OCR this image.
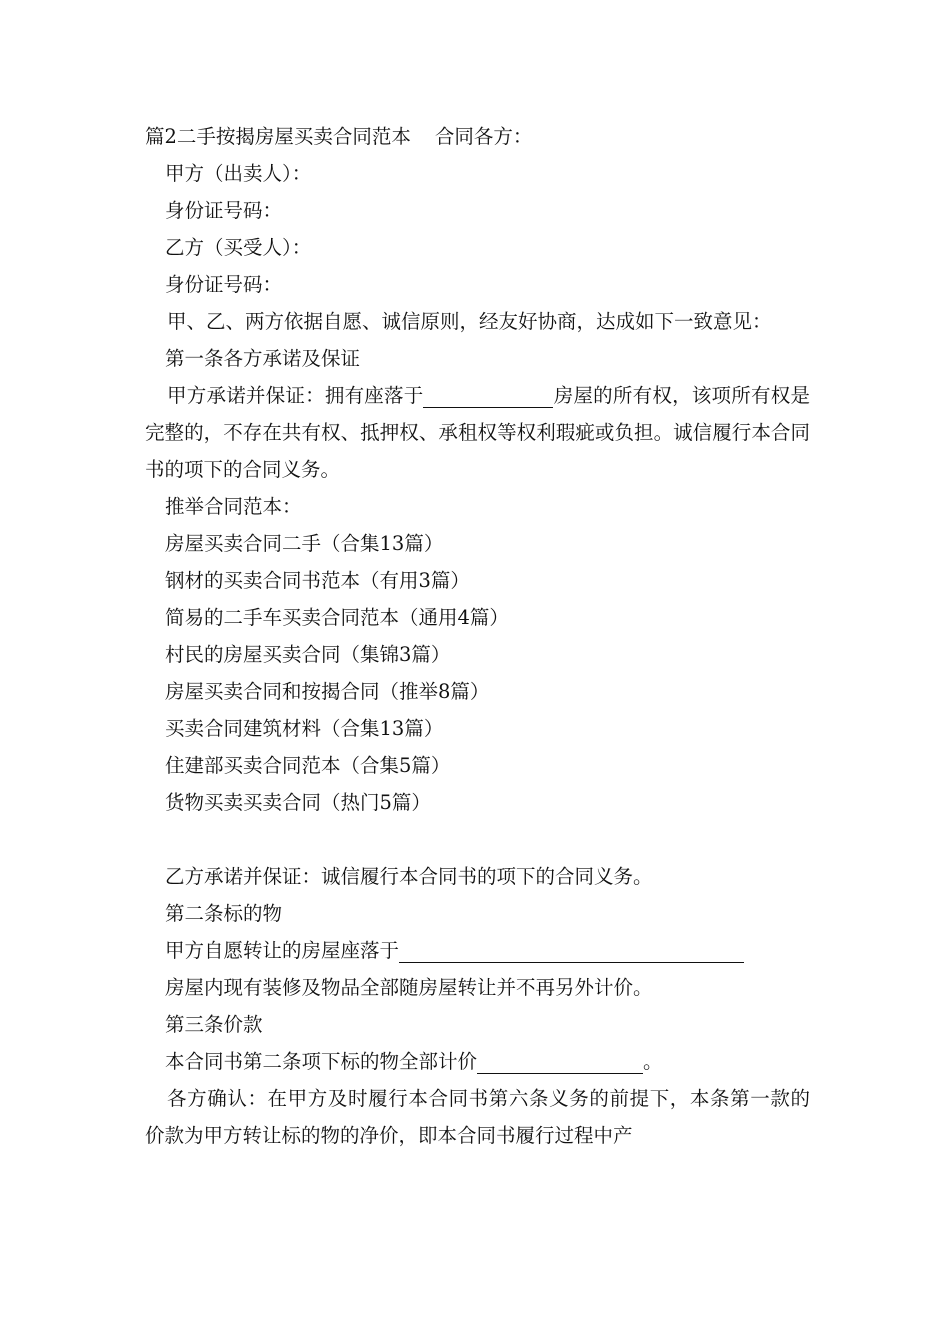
篇2二手按揭房屋买卖合同范本 合同各方：
甲方（出卖人）：
身份证号码：
乙方（买受人）：
身份证号码：
甲、乙、两方依据自愿、诚信原则，经友好协商，达成如下一致意见：
第一条各方承诺及保证
甲方承诺并保证：拥有座落于	房屋的所有权，该项所有权是完整的，不存在共有权、抵押权、承租权等权利瑕疵或负担。诚信履行本合同书的项下的合同义务。
推举合同范本：
房屋买卖合同二手（合集13篇）
钢材的买卖合同书范本（有用3篇）
简易的二手车买卖合同范本（通用4篇）
村民的房屋买卖合同（集锦3篇）
房屋买卖合同和按揭合同（推举8篇）
买卖合同建筑材料（合集13篇）
住建部买卖合同范本（合集5篇）
货物买卖买卖合同（热门5篇）
乙方承诺并保证：诚信履行本合同书的项下的合同义务。
第二条标的物
甲方自愿转让的房屋座落于
房屋内现有装修及物品全部随房屋转让并不再另外计价。
第三条价款
本合同书第二条项下标的物全部计价	。
各方确认：在甲方及时履行本合同书第六条义务的前提下，本条第一款的价款为甲方转让标的物的净价，即本合同书履行过程中产
